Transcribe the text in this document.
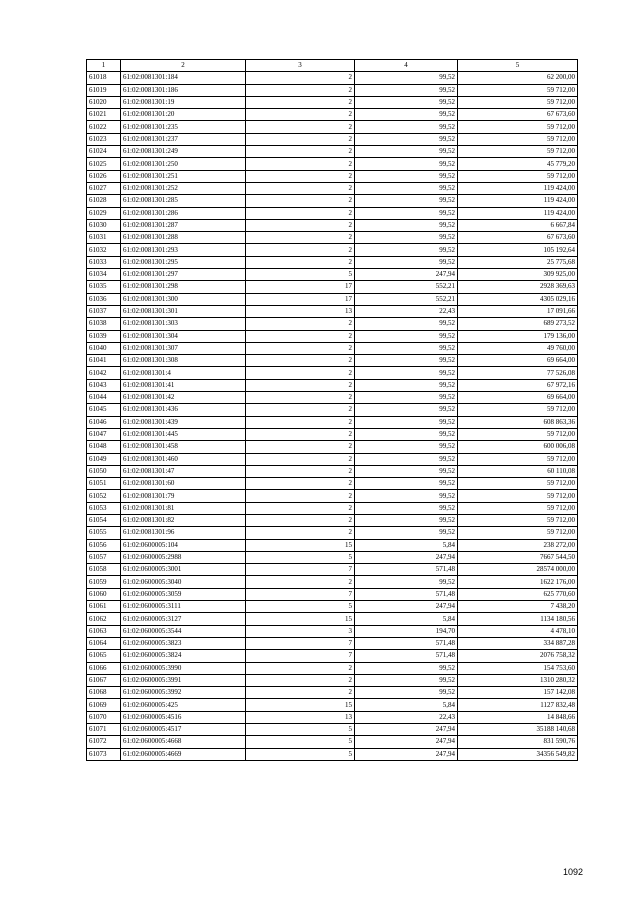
1	2	3	4	5
61018	61:02:0081301:184	2	99,52	62 200,00
61019	61:02:0081301:186	2	99,52	59 712,00
61020	61:02:0081301:19	2	99,52	59 712,00
61021	61:02:0081301:20	2	99,52	67 673,60
61022	61:02:0081301:235	2	99,52	59 712,00
61023	61:02:0081301:237	2	99,52	59 712,00
61024	61:02:0081301:249	2	99,52	59 712,00
61025	61:02:0081301:250	2	99,52	45 779,20
61026	61:02:0081301:251	2	99,52	59 712,00
61027	61:02:0081301:252	2	99,52	119 424,00
61028	61:02:0081301:285	2	99,52	119 424,00
61029	61:02:0081301:286	2	99,52	119 424,00
61030	61:02:0081301:287	2	99,52	6 667,84
61031	61:02:0081301:288	2	99,52	67 673,60
61032	61:02:0081301:293	2	99,52	105 192,64
61033	61:02:0081301:295	2	99,52	25 775,68
61034	61:02:0081301:297	5	247,94	309 925,00
61035	61:02:0081301:298	17	552,21	2928 369,63
61036	61:02:0081301:300	17	552,21	4305 029,16
61037	61:02:0081301:301	13	22,43	17 091,66
61038	61:02:0081301:303	2	99,52	689 273,52
61039	61:02:0081301:304	2	99,52	179 136,00
61040	61:02:0081301:307	2	99,52	49 760,00
61041	61:02:0081301:308	2	99,52	69 664,00
61042	61:02:0081301:4	2	99,52	77 526,08
61043	61:02:0081301:41	2	99,52	67 972,16
61044	61:02:0081301:42	2	99,52	69 664,00
61045	61:02:0081301:436	2	99,52	59 712,00
61046	61:02:0081301:439	2	99,52	608 863,36
61047	61:02:0081301:445	2	99,52	59 712,00
61048	61:02:0081301:458	2	99,52	600 006,08
61049	61:02:0081301:460	2	99,52	59 712,00
61050	61:02:0081301:47	2	99,52	60 110,08
61051	61:02:0081301:60	2	99,52	59 712,00
61052	61:02:0081301:79	2	99,52	59 712,00
61053	61:02:0081301:81	2	99,52	59 712,00
61054	61:02:0081301:82	2	99,52	59 712,00
61055	61:02:0081301:96	2	99,52	59 712,00
61056	61:02:0600005:104	15	5,84	238 272,00
61057	61:02:0600005:2988	5	247,94	7667 544,50
61058	61:02:0600005:3001	7	571,48	28574 000,00
61059	61:02:0600005:3040	2	99,52	1622 176,00
61060	61:02:0600005:3059	7	571,48	625 770,60
61061	61:02:0600005:3111	5	247,94	7 438,20
61062	61:02:0600005:3127	15	5,84	1134 180,56
61063	61:02:0600005:3544	3	194,70	4 478,10
61064	61:02:0600005:3823	7	571,48	334 887,28
61065	61:02:0600005:3824	7	571,48	2076 758,32
61066	61:02:0600005:3990	2	99,52	154 753,60
61067	61:02:0600005:3991	2	99,52	1310 280,32
61068	61:02:0600005:3992	2	99,52	157 142,08
61069	61:02:0600005:425	15	5,84	1127 832,48
61070	61:02:0600005:4516	13	22,43	14 848,66
61071	61:02:0600005:4517	5	247,94	35188 140,68
61072	61:02:0600005:4668	5	247,94	831 590,76
61073	61:02:0600005:4669	5	247,94	34356 549,82
1092
